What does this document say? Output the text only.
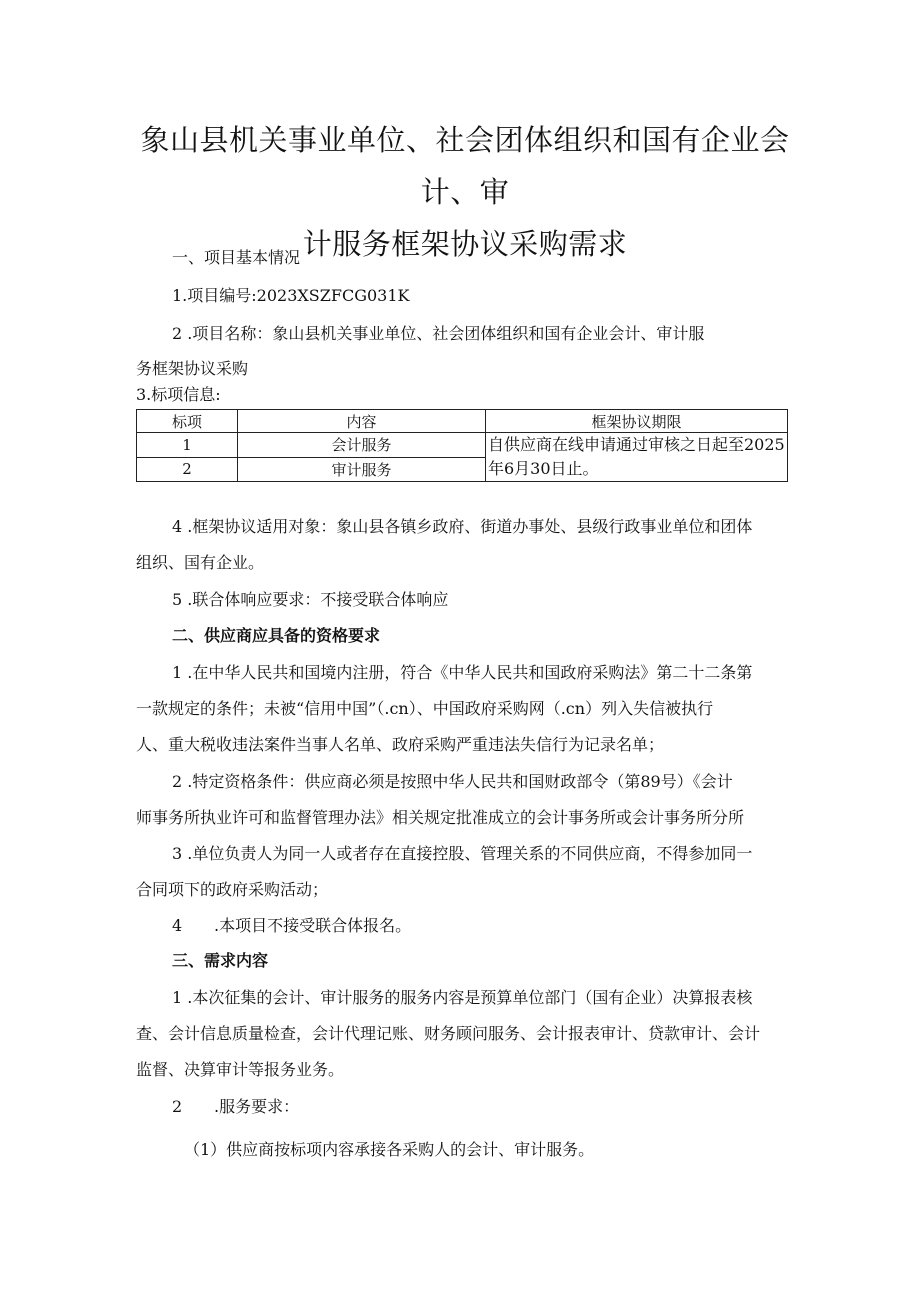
象山县机关事业单位、社会团体组织和国有企业会计、审
计服务框架协议采购需求
一、项目基本情况
1.项目编号:2023XSZFCG031K
2 .项目名称：象山县机关事业单位、社会团体组织和国有企业会计、审计服
务框架协议采购
3.标项信息:
标项	内容	框架协议期限
1	会计服务	自供应商在线申请通过审核之日起至2025年6月30日止。
2	审计服务	
4 .框架协议适用对象：象山县各镇乡政府、街道办事处、县级行政事业单位和团体
组织、国有企业。
5 .联合体响应要求：不接受联合体响应
二、供应商应具备的资格要求
1 .在中华人民共和国境内注册，符合《中华人民共和国政府采购法》第二十二条第
一款规定的条件；未被“信用中国”（.cn）、中国政府采购网（.cn）列入失信被执行
人、重大税收违法案件当事人名单、政府采购严重违法失信行为记录名单；
2 .特定资格条件：供应商必须是按照中华人民共和国财政部令（第89号）《会计
师事务所执业许可和监督管理办法》相关规定批准成立的会计事务所或会计事务所分所
3 .单位负责人为同一人或者存在直接控股、管理关系的不同供应商，不得参加同一
合同项下的政府采购活动；
4 .本项目不接受联合体报名。
三、需求内容
1 .本次征集的会计、审计服务的服务内容是预算单位部门（国有企业）决算报表核
查、会计信息质量检查，会计代理记账、财务顾问服务、会计报表审计、贷款审计、会计
监督、决算审计等报务业务。
2 .服务要求：
（1）供应商按标项内容承接各采购人的会计、审计服务。
